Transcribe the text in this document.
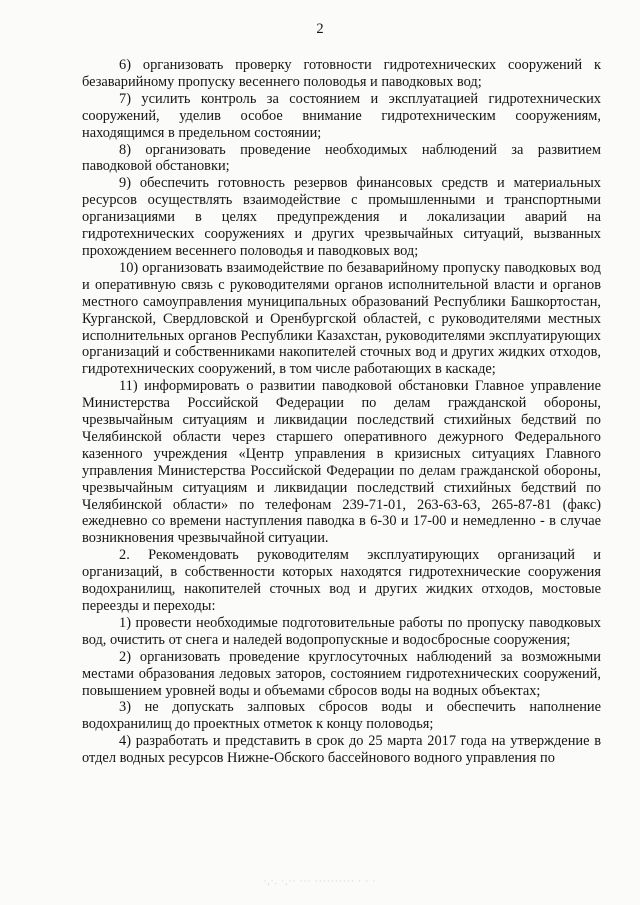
2

6) организовать проверку готовности гидротехнических сооружений к безаварийному пропуску весеннего половодья и паводковых вод;

7) усилить контроль за состоянием и эксплуатацией гидротехнических сооружений, уделив особое внимание гидротехническим сооружениям, находящимся в предельном состоянии;

8) организовать проведение необходимых наблюдений за развитием паводковой обстановки;

9) обеспечить готовность резервов финансовых средств и материальных ресурсов осуществлять взаимодействие с промышленными и транспортными организациями в целях предупреждения и локализации аварий на гидротехнических сооружениях и других чрезвычайных ситуаций, вызванных прохождением весеннего половодья и паводковых вод;

10) организовать взаимодействие по безаварийному пропуску паводковых вод и оперативную связь с руководителями органов исполнительной власти и органов местного самоуправления муниципальных образований Республики Башкортостан, Курганской, Свердловской и Оренбургской областей, с руководителями местных исполнительных органов Республики Казахстан, руководителями эксплуатирующих организаций и собственниками накопителей сточных вод и других жидких отходов, гидротехнических сооружений, в том числе работающих в каскаде;

11) информировать о развитии паводковой обстановки Главное управление Министерства Российской Федерации по делам гражданской обороны, чрезвычайным ситуациям и ликвидации последствий стихийных бедствий по Челябинской области через старшего оперативного дежурного Федерального казенного учреждения «Центр управления в кризисных ситуациях Главного управления Министерства Российской Федерации по делам гражданской обороны, чрезвычайным ситуациям и ликвидации последствий стихийных бедствий по Челябинской области» по телефонам 239-71-01, 263-63-63, 265-87-81 (факс) ежедневно со времени наступления паводка в 6-30 и 17-00 и немедленно - в случае возникновения чрезвычайной ситуации.

2. Рекомендовать руководителям эксплуатирующих организаций и организаций, в собственности которых находятся гидротехнические сооружения водохранилищ, накопителей сточных вод и других жидких отходов, мостовые переезды и переходы:

1) провести необходимые подготовительные работы по пропуску паводковых вод, очистить от снега и наледей водопропускные и водосбросные сооружения;

2) организовать проведение круглосуточных наблюдений за возможными местами образования ледовых заторов, состоянием гидротехнических сооружений, повышением уровней воды и объемами сбросов воды на водных объектах;

3) не допускать залповых сбросов воды и обеспечить наполнение водохранилищ до проектных отметок к концу половодья;

4) разработать и представить в срок до 25 марта 2017 года на утверждение в отдел водных ресурсов Нижне-Обского бассейнового водного управления по

·,·. ·,·· ··· ·········· · · ·
